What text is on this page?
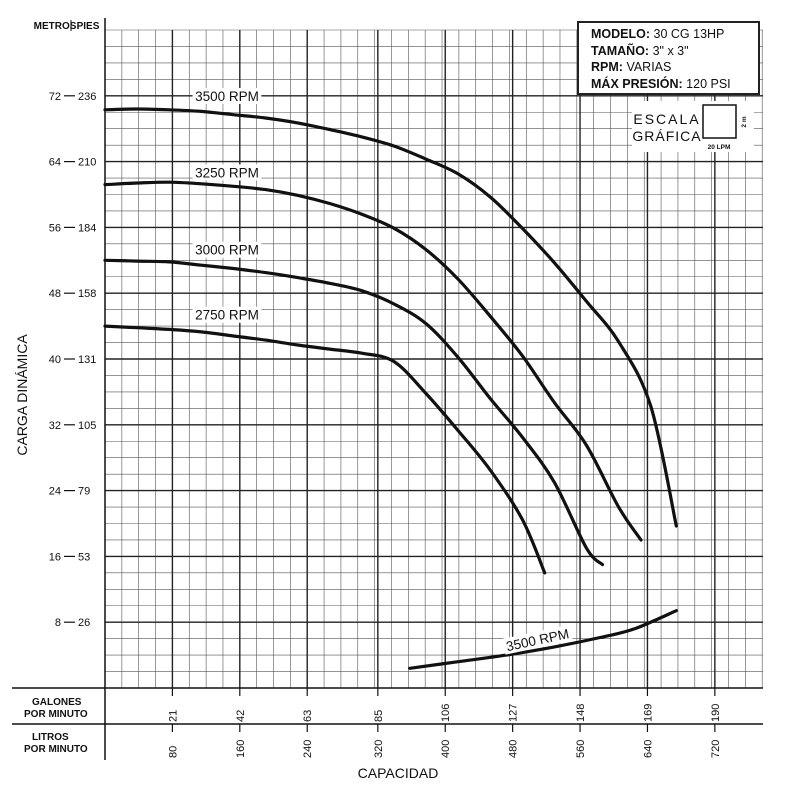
8 26
16 53
24 79
32 105
40 131
48 158
56 184
64 210
72 236
21
80
42
160
63
240
85
320
106
400
127
480
148
560
169
640
190
720
3500 RPM
3250 RPM
3000 RPM
2750 RPM
3500 RPM
METROS PIES
CARGA DINÁMICA
CAPACIDAD
GALONES
POR MINUTO
LITROS
POR MINUTO
ESCALA
GRÁFICA
20 LPM
2 m
MODELO: 30 CG 13HP
TAMAÑO: 3" x 3"
RPM: VARIAS
MÁX PRESIÓN: 120 PSI
